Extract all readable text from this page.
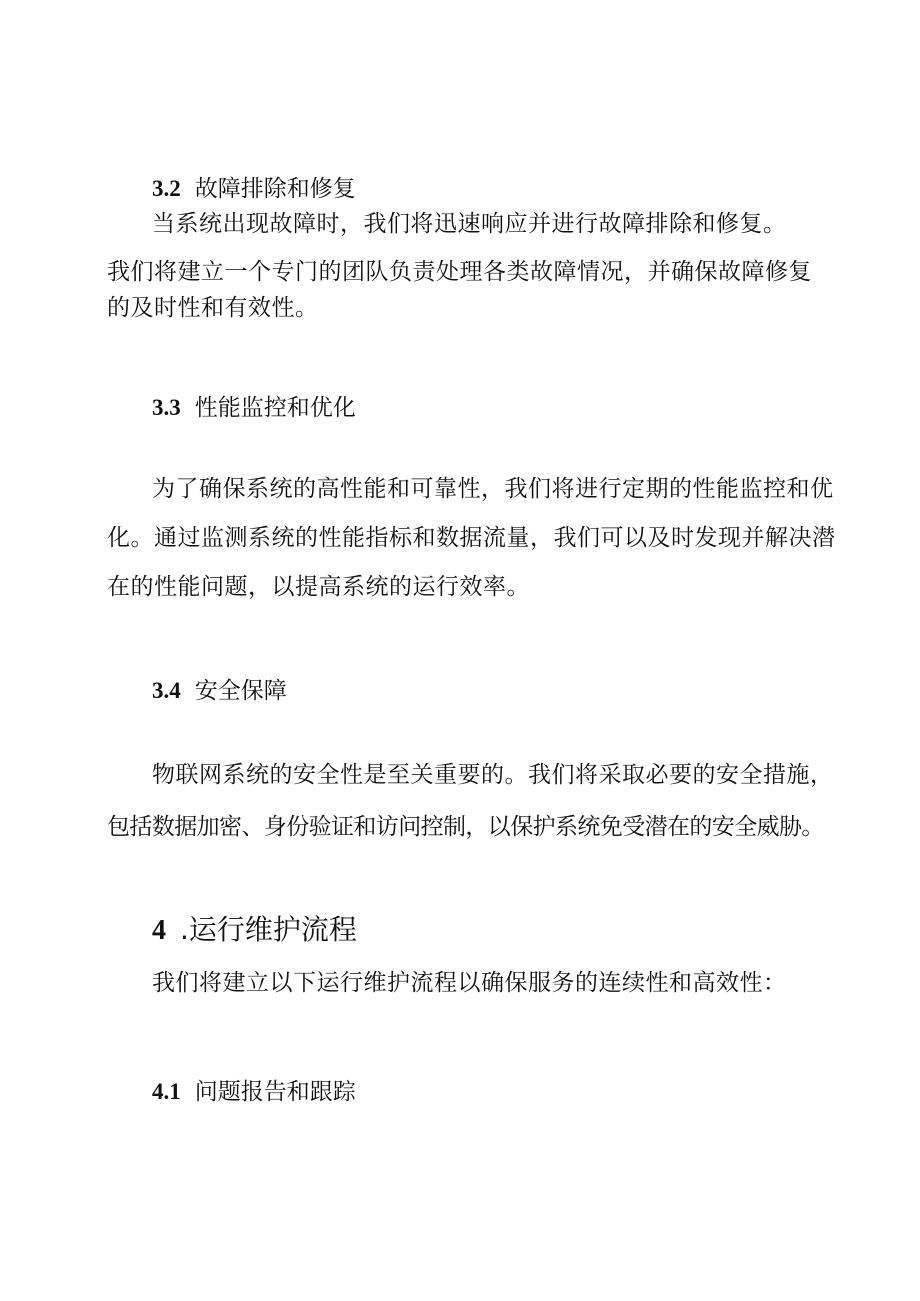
3.2 故障排除和修复
当系统出现故障时，我们将迅速响应并进行故障排除和修复。
我们将建立一个专门的团队负责处理各类故障情况，并确保故障修复
的及时性和有效性。
3.3 性能监控和优化
为了确保系统的高性能和可靠性，我们将进行定期的性能监控和优
化。通过监测系统的性能指标和数据流量，我们可以及时发现并解决潜
在的性能问题，以提高系统的运行效率。
3.4 安全保障
物联网系统的安全性是至关重要的。我们将采取必要的安全措施，
包括数据加密、身份验证和访问控制，以保护系统免受潜在的安全威胁。
4 .运行维护流程
我们将建立以下运行维护流程以确保服务的连续性和高效性：
4.1 问题报告和跟踪
